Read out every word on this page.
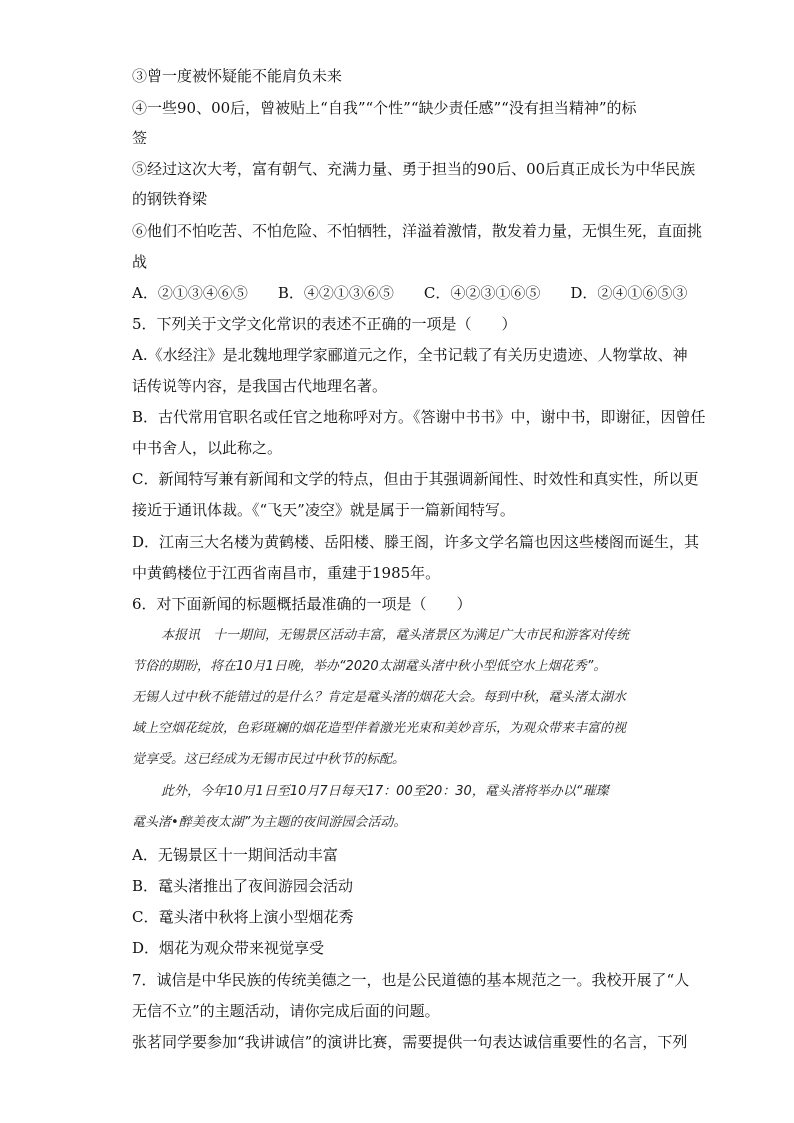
③曾一度被怀疑能不能肩负未来
④一些90、00后，曾被贴上“自我”“个性”“缺少责任感”“没有担当精神”的标
签
⑤经过这次大考，富有朝气、充满力量、勇于担当的90后、00后真正成长为中华民族
的钢铁脊梁
⑥他们不怕吃苦、不怕危险、不怕牺牲，洋溢着激情，散发着力量，无惧生死，直面挑
战
A．②①③④⑥⑤　　B．④②①③⑥⑤　　C．④②③①⑥⑤　　D．②④①⑥⑤③
5．下列关于文学文化常识的表述不正确的一项是（　　）
A.《水经注》是北魏地理学家郦道元之作，全书记载了有关历史遗迹、人物掌故、神
话传说等内容，是我国古代地理名著。
B．古代常用官职名或任官之地称呼对方。《答谢中书书》中，谢中书，即谢征，因曾任
中书舍人，以此称之。
C．新闻特写兼有新闻和文学的特点，但由于其强调新闻性、时效性和真实性，所以更
接近于通讯体裁。《“飞天”凌空》就是属于一篇新闻特写。
D．江南三大名楼为黄鹤楼、岳阳楼、滕王阁，许多文学名篇也因这些楼阁而诞生，其
中黄鹤楼位于江西省南昌市，重建于1985年。
6．对下面新闻的标题概括最准确的一项是（　　）
本报讯　十一期间，无锡景区活动丰富，鼋头渚景区为满足广大市民和游客对传统
节俗的期盼，将在10月1日晚，举办“2020太湖鼋头渚中秋小型低空水上烟花秀”。
无锡人过中秋不能错过的是什么？肯定是鼋头渚的烟花大会。每到中秋，鼋头渚太湖水
域上空烟花绽放，色彩斑斓的烟花造型伴着激光光束和美妙音乐，为观众带来丰富的视
觉享受。这已经成为无锡市民过中秋节的标配。
此外，今年10月1日至10月7日每天17：00至20：30，鼋头渚将举办以“璀璨
鼋头渚•醉美夜太湖”为主题的夜间游园会活动。
A．无锡景区十一期间活动丰富
B．鼋头渚推出了夜间游园会活动
C．鼋头渚中秋将上演小型烟花秀
D．烟花为观众带来视觉享受
7．诚信是中华民族的传统美德之一，也是公民道德的基本规范之一。我校开展了“人
无信不立”的主题活动，请你完成后面的问题。
张茗同学要参加“我讲诚信”的演讲比赛，需要提供一句表达诚信重要性的名言，下列
